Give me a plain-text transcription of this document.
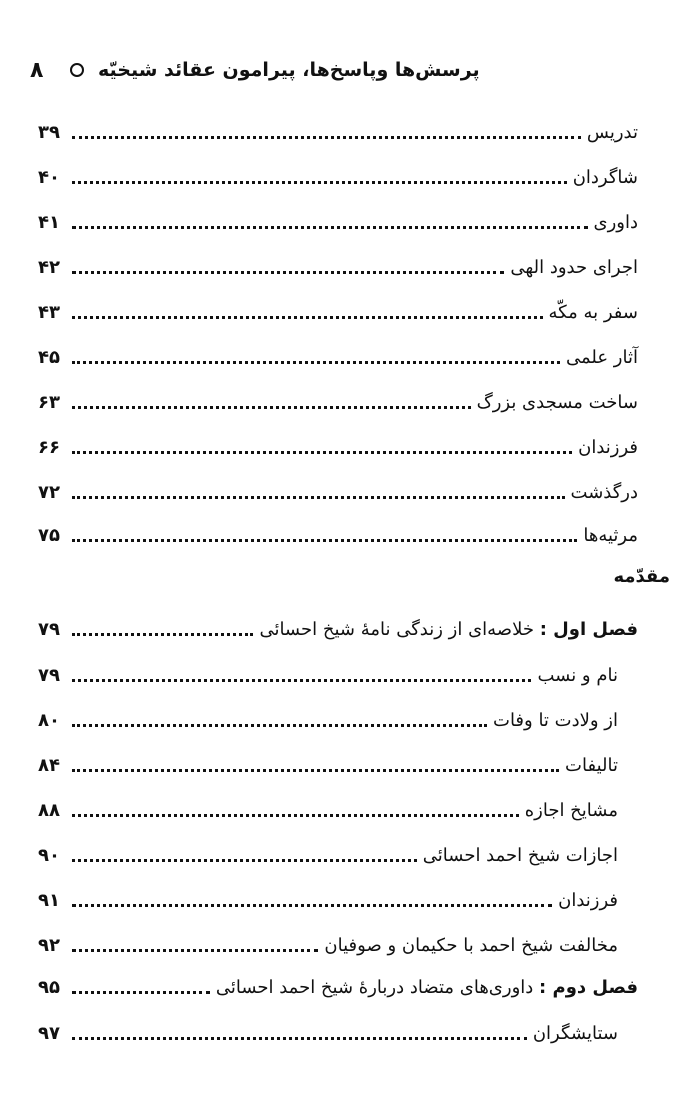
۸	پرسش‌ها وپاسخ‌ها، پیرامون عقائد شیخیّه
تدریس
۳۹
شاگردان
۴۰
داوری
۴۱
اجرای حدود الهی
۴۲
سفر به مکّه
۴۳
آثار علمی
۴۵
ساخت مسجدی بزرگ
۶۳
فرزندان
۶۶
درگذشت
۷۲
مرثیه‌ها
۷۵
فصل اول : خلاصه‌ای از زندگی نامهٔ شیخ احسائی
۷۹
نام و نسب
۷۹
از ولادت تا وفات
۸۰
تالیفات
۸۴
مشایخ اجازه
۸۸
اجازات شیخ احمد احسائی
۹۰
فرزندان
۹۱
مخالفت شیخ احمد با حکیمان و صوفیان
۹۲
فصل دوم : داوری‌های متضاد دربارهٔ شیخ احمد احسائی
۹۵
ستایشگران
۹۷
مقدّمه
